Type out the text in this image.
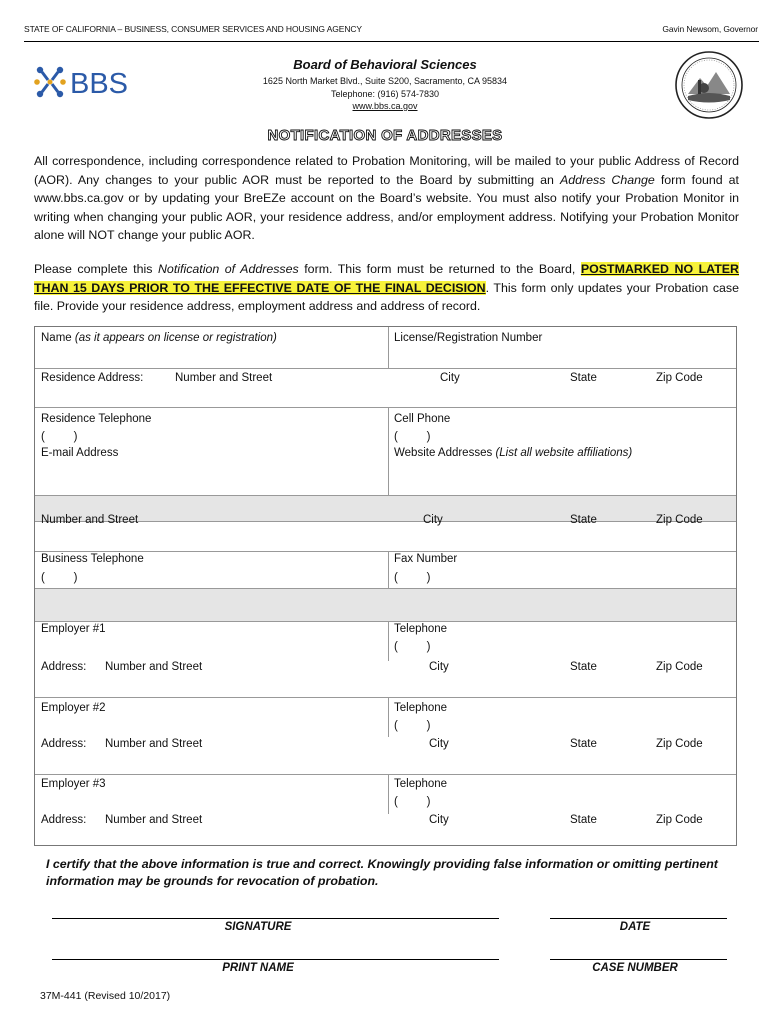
STATE OF CALIFORNIA – BUSINESS, CONSUMER SERVICES AND HOUSING AGENCY	Gavin Newsom, Governor
BBS
Board of Behavioral Sciences
1625 North Market Blvd., Suite S200, Sacramento, CA 95834
Telephone: (916) 574-7830
www.bbs.ca.gov
NOTIFICATION OF ADDRESSES
All correspondence, including correspondence related to Probation Monitoring, will be mailed to your public Address of Record (AOR). Any changes to your public AOR must be reported to the Board by submitting an Address Change form found at www.bbs.ca.gov or by updating your BreEZe account on the Board’s website. You must also notify your Probation Monitor in writing when changing your public AOR, your residence address, and/or employment address. Notifying your Probation Monitor alone will NOT change your public AOR.
Please complete this Notification of Addresses form. This form must be returned to the Board, POSTMARKED NO LATER THAN 15 DAYS PRIOR TO THE EFFECTIVE DATE OF THE FINAL DECISION. This form only updates your Probation case file. Provide your residence address, employment address and address of record.
Name (as it appears on license or registration)	License/Registration Number
Residence Address:	Number and Street	City	State	Zip Code
Residence Telephone
(         )
Cell Phone
(         )
E-mail Address	Website Addresses (List all website affiliations)
Number and Street	City	State	Zip Code
Business Telephone
(         )
Fax Number
(         )
Employer #1	Telephone
(         )
Address: Number and Street	City	State	Zip Code
Employer #2	Telephone
(         )
Address: Number and Street	City	State	Zip Code
Employer #3	Telephone
(         )
Address: Number and Street	City	State	Zip Code
I certify that the above information is true and correct. Knowingly providing false information or omitting pertinent information may be grounds for revocation of probation.
SIGNATURE	DATE
PRINT NAME	CASE NUMBER
37M-441 (Revised 10/2017)
